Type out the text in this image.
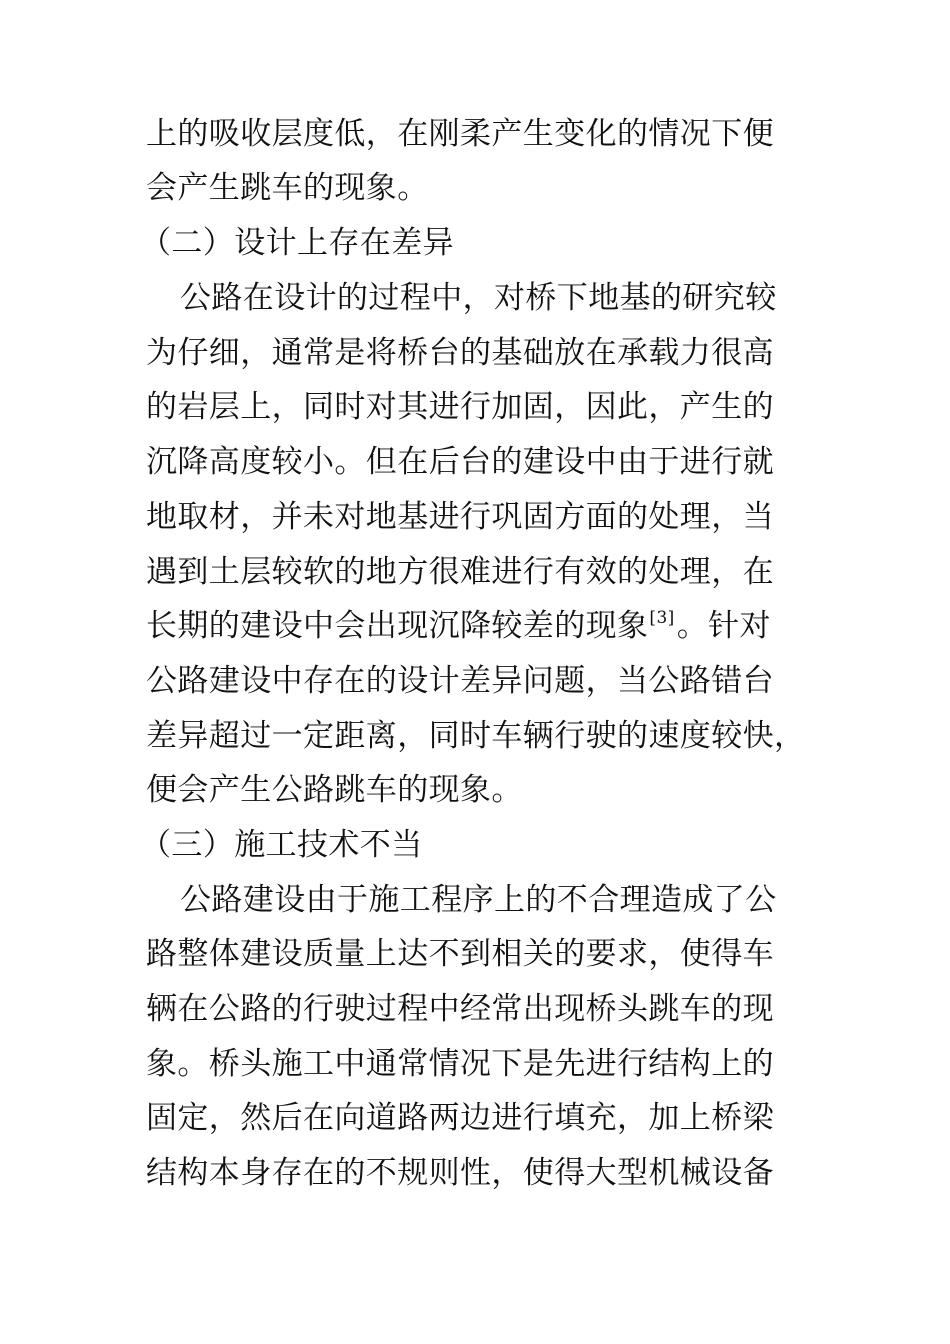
上的吸收层度低，在刚柔产生变化的情况下便
会产生跳车的现象。
（二）设计上存在差异
公路在设计的过程中，对桥下地基的研究较
为仔细，通常是将桥台的基础放在承载力很高
的岩层上，同时对其进行加固，因此，产生的
沉降高度较小。但在后台的建设中由于进行就
地取材，并未对地基进行巩固方面的处理，当
遇到土层较软的地方很难进行有效的处理，在
长期的建设中会出现沉降较差的现象[3]。针对
公路建设中存在的设计差异问题，当公路错台
差异超过一定距离，同时车辆行驶的速度较快，
便会产生公路跳车的现象。
（三）施工技术不当
公路建设由于施工程序上的不合理造成了公
路整体建设质量上达不到相关的要求，使得车
辆在公路的行驶过程中经常出现桥头跳车的现
象。桥头施工中通常情况下是先进行结构上的
固定，然后在向道路两边进行填充，加上桥梁
结构本身存在的不规则性，使得大型机械设备
